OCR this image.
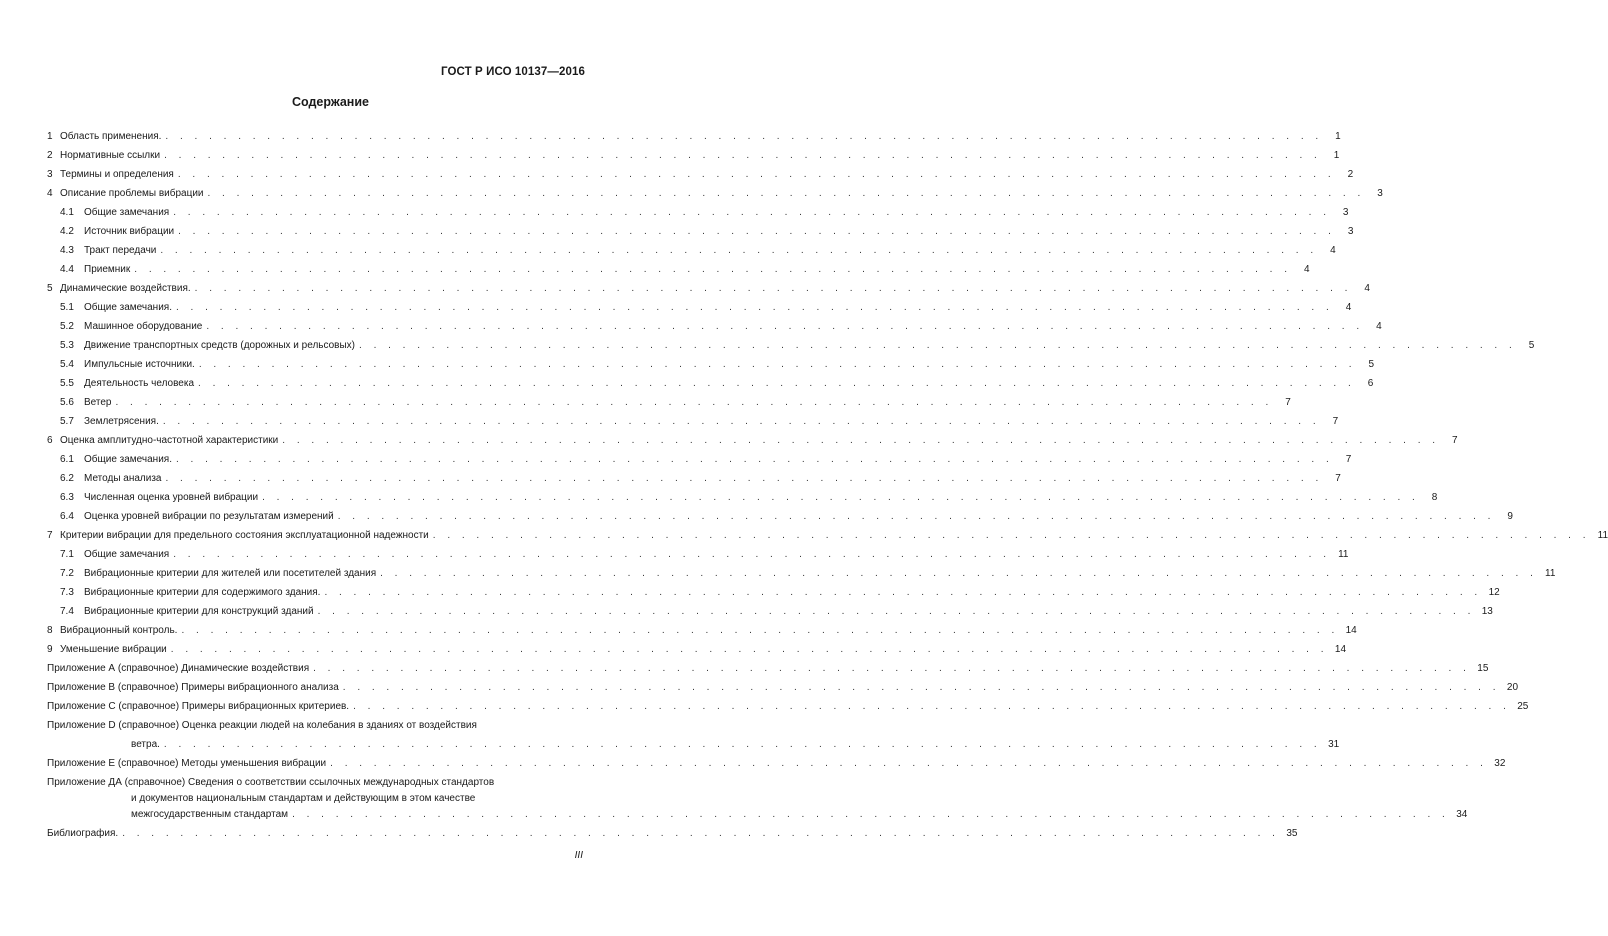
ГОСТ Р ИСО 10137—2016
Содержание
1 Область применения. . . . . . . . . . . . . . . . . . . . . . . . . . . . . . . . . . . . . . . . . . . . . . . . . . . . . . . . . . . . . . . . . . . . . . . . . . . . . . . . .	1
2 Нормативные ссылки . . . . . . . . . . . . . . . . . . . . . . . . . . . . . . . . . . . . . . . . . . . . . . . . . . . . . . . . . . . . . . . . . . . . . . . . . . . . . . . .	1
3 Термины и определения . . . . . . . . . . . . . . . . . . . . . . . . . . . . . . . . . . . . . . . . . . . . . . . . . . . . . . . . . . . . . . . . . . . . . . . . . . . . . . . .	2
4 Описание проблемы вибрации . . . . . . . . . . . . . . . . . . . . . . . . . . . . . . . . . . . . . . . . . . . . . . . . . . . . . . . . . . . . . . . . . . . . . . . . . . . . . . . .	3
4.1	Общие замечания . . . . . . . . . . . . . . . . . . . . . . . . . . . . . . . . . . . . . . . . . . . . . . . . . . . . . . . . . . . . . . . . . . . . . . . . . . . . . . . .	3
4.2	Источник вибрации . . . . . . . . . . . . . . . . . . . . . . . . . . . . . . . . . . . . . . . . . . . . . . . . . . . . . . . . . . . . . . . . . . . . . . . . . . . . . . . .	3
4.3	Тракт передачи . . . . . . . . . . . . . . . . . . . . . . . . . . . . . . . . . . . . . . . . . . . . . . . . . . . . . . . . . . . . . . . . . . . . . . . . . . . . . . . .	4
4.4	Приемник . . . . . . . . . . . . . . . . . . . . . . . . . . . . . . . . . . . . . . . . . . . . . . . . . . . . . . . . . . . . . . . . . . . . . . . . . . . . . . . .	4
5 Динамические воздействия. . . . . . . . . . . . . . . . . . . . . . . . . . . . . . . . . . . . . . . . . . . . . . . . . . . . . . . . . . . . . . . . . . . . . . . . . . . . . . . . .	4
5.1	Общие замечания. . . . . . . . . . . . . . . . . . . . . . . . . . . . . . . . . . . . . . . . . . . . . . . . . . . . . . . . . . . . . . . . . . . . . . . . . . . . . . . . .	4
5.2	Машинное оборудование . . . . . . . . . . . . . . . . . . . . . . . . . . . . . . . . . . . . . . . . . . . . . . . . . . . . . . . . . . . . . . . . . . . . . . . . . . . . . . . .	4
5.3	Движение транспортных средств (дорожных и рельсовых) . . . . . . . . . . . . . . . . . . . . . . . . . . . . . . . . . . . . . . . . . . . . . . . . . . . . . . . . . . . . . . . . . . . . . . . . . . . . . . . .	5
5.4	Импульсные источники. . . . . . . . . . . . . . . . . . . . . . . . . . . . . . . . . . . . . . . . . . . . . . . . . . . . . . . . . . . . . . . . . . . . . . . . . . . . . . . . .	5
5.5	Деятельность человека . . . . . . . . . . . . . . . . . . . . . . . . . . . . . . . . . . . . . . . . . . . . . . . . . . . . . . . . . . . . . . . . . . . . . . . . . . . . . . . .	6
5.6	Ветер . . . . . . . . . . . . . . . . . . . . . . . . . . . . . . . . . . . . . . . . . . . . . . . . . . . . . . . . . . . . . . . . . . . . . . . . . . . . . . . .	7
5.7	Землетрясения. . . . . . . . . . . . . . . . . . . . . . . . . . . . . . . . . . . . . . . . . . . . . . . . . . . . . . . . . . . . . . . . . . . . . . . . . . . . . . . . .	7
6 Оценка амплитудно-частотной характеристики . . . . . . . . . . . . . . . . . . . . . . . . . . . . . . . . . . . . . . . . . . . . . . . . . . . . . . . . . . . . . . . . . . . . . . . . . . . . . . . .	7
6.1	Общие замечания. . . . . . . . . . . . . . . . . . . . . . . . . . . . . . . . . . . . . . . . . . . . . . . . . . . . . . . . . . . . . . . . . . . . . . . . . . . . . . . . .	7
6.2	Методы анализа . . . . . . . . . . . . . . . . . . . . . . . . . . . . . . . . . . . . . . . . . . . . . . . . . . . . . . . . . . . . . . . . . . . . . . . . . . . . . . . .	7
6.3	Численная оценка уровней вибрации . . . . . . . . . . . . . . . . . . . . . . . . . . . . . . . . . . . . . . . . . . . . . . . . . . . . . . . . . . . . . . . . . . . . . . . . . . . . . . . .	8
6.4	Оценка уровней вибрации по результатам измерений . . . . . . . . . . . . . . . . . . . . . . . . . . . . . . . . . . . . . . . . . . . . . . . . . . . . . . . . . . . . . . . . . . . . . . . . . . . . . . . .	9
7 Критерии вибрации для предельного состояния эксплуатационной надежности . . . . . . . . . . . . . . . . . . . . . . . . . . . . . . . . . . . . . . . . . . . . . . . . . . . . . . . . . . . . . . . . . . . . . . . . . . . . . . . . 11
7.1	Общие замечания . . . . . . . . . . . . . . . . . . . . . . . . . . . . . . . . . . . . . . . . . . . . . . . . . . . . . . . . . . . . . . . . . . . . . . . . . . . . . . . . 11
7.2	Вибрационные критерии для жителей или посетителей здания . . . . . . . . . . . . . . . . . . . . . . . . . . . . . . . . . . . . . . . . . . . . . . . . . . . . . . . . . . . . . . . . . . . . . . . . . . . . . . . . 11
7.3	Вибрационные критерии для содержимого здания. . . . . . . . . . . . . . . . . . . . . . . . . . . . . . . . . . . . . . . . . . . . . . . . . . . . . . . . . . . . . . . . . . . . . . . . . . . . . . . . . 12
7.4	Вибрационные критерии для конструкций зданий . . . . . . . . . . . . . . . . . . . . . . . . . . . . . . . . . . . . . . . . . . . . . . . . . . . . . . . . . . . . . . . . . . . . . . . . . . . . . . . . 13
8 Вибрационный контроль. . . . . . . . . . . . . . . . . . . . . . . . . . . . . . . . . . . . . . . . . . . . . . . . . . . . . . . . . . . . . . . . . . . . . . . . . . . . . . . . . 14
9 Уменьшение вибрации . . . . . . . . . . . . . . . . . . . . . . . . . . . . . . . . . . . . . . . . . . . . . . . . . . . . . . . . . . . . . . . . . . . . . . . . . . . . . . . . 14
Приложение А (справочное) Динамические воздействия . . . . . . . . . . . . . . . . . . . . . . . . . . . . . . . . . . . . . . . . . . . . . . . . . . . . . . . . . . . . . . . . . . . . . . . . . . . . . . . . 15
Приложение В (справочное) Примеры вибрационного анализа . . . . . . . . . . . . . . . . . . . . . . . . . . . . . . . . . . . . . . . . . . . . . . . . . . . . . . . . . . . . . . . . . . . . . . . . . . . . . . . . 20
Приложение С (справочное) Примеры вибрационных критериев. . . . . . . . . . . . . . . . . . . . . . . . . . . . . . . . . . . . . . . . . . . . . . . . . . . . . . . . . . . . . . . . . . . . . . . . . . . . . . . . . 25
Приложение D (справочное) Оценка реакции людей на колебания в зданиях от воздействия
ветра. . . . . . . . . . . . . . . . . . . . . . . . . . . . . . . . . . . . . . . . . . . . . . . . . . . . . . . . . . . . . . . . . . . . . . . . . . . . . . . . . 31
Приложение Е (справочное) Методы уменьшения вибрации . . . . . . . . . . . . . . . . . . . . . . . . . . . . . . . . . . . . . . . . . . . . . . . . . . . . . . . . . . . . . . . . . . . . . . . . . . . . . . . . 32
Приложение ДА (справочное) Сведения о соответствии ссылочных международных стандартов
и документов национальным стандартам и действующим в этом качестве
межгосударственным стандартам . . . . . . . . . . . . . . . . . . . . . . . . . . . . . . . . . . . . . . . . . . . . . . . . . . . . . . . . . . . . . . . . . . . . . . . . . . . . . . . . 34
Библиография. . . . . . . . . . . . . . . . . . . . . . . . . . . . . . . . . . . . . . . . . . . . . . . . . . . . . . . . . . . . . . . . . . . . . . . . . . . . . . . . . 35
III
